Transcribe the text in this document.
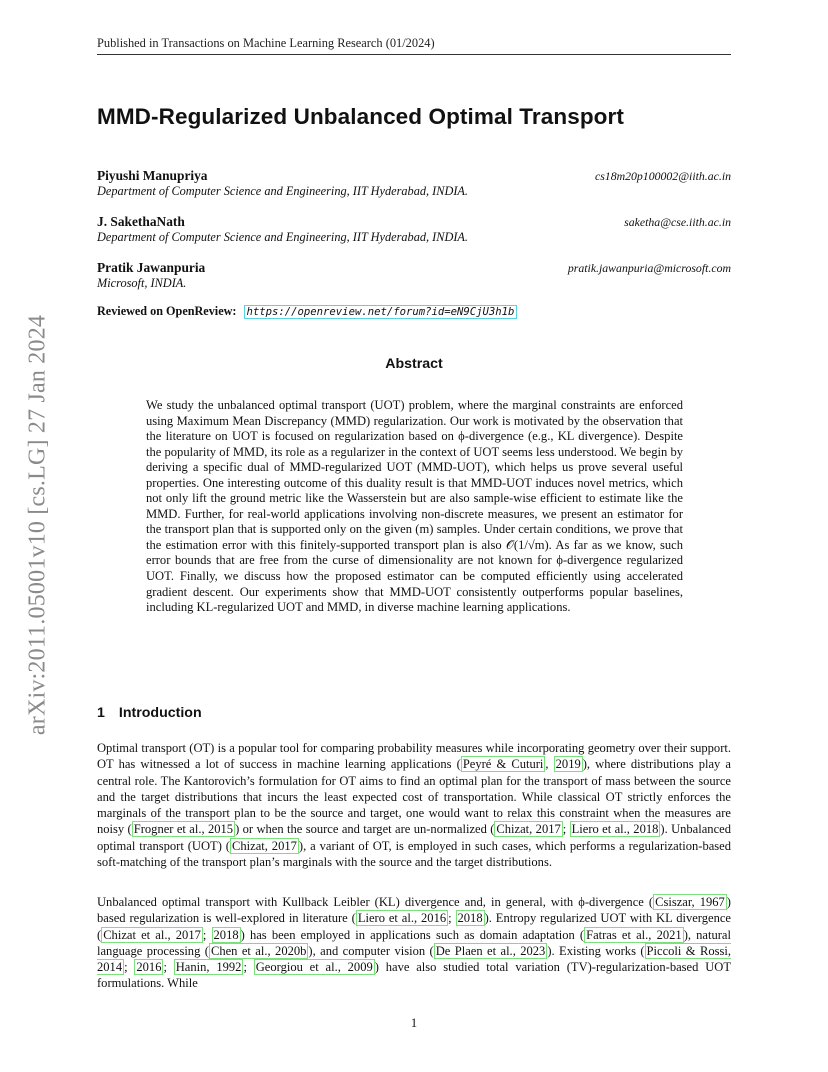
Published in Transactions on Machine Learning Research (01/2024)
arXiv:2011.05001v10 [cs.LG] 27 Jan 2024
MMD-Regularized Unbalanced Optimal Transport
Piyushi Manupriya	cs18m20p100002@iith.ac.in
Department of Computer Science and Engineering, IIT Hyderabad, INDIA.
J. SakethaNath	saketha@cse.iith.ac.in
Department of Computer Science and Engineering, IIT Hyderabad, INDIA.
Pratik Jawanpuria	pratik.jawanpuria@microsoft.com
Microsoft, INDIA.
Reviewed on OpenReview: https://openreview.net/forum?id=eN9CjU3h1b
Abstract
We study the unbalanced optimal transport (UOT) problem, where the marginal constraints are enforced using Maximum Mean Discrepancy (MMD) regularization. Our work is motivated by the observation that the literature on UOT is focused on regularization based on ϕ-divergence (e.g., KL divergence). Despite the popularity of MMD, its role as a regularizer in the context of UOT seems less understood. We begin by deriving a specific dual of MMD-regularized UOT (MMD-UOT), which helps us prove several useful properties. One interesting outcome of this duality result is that MMD-UOT induces novel metrics, which not only lift the ground metric like the Wasserstein but are also sample-wise efficient to estimate like the MMD. Further, for real-world applications involving non-discrete measures, we present an estimator for the transport plan that is supported only on the given (m) samples. Under certain conditions, we prove that the estimation error with this finitely-supported transport plan is also 𝒪(1/√m). As far as we know, such error bounds that are free from the curse of dimensionality are not known for ϕ-divergence regularized UOT. Finally, we discuss how the proposed estimator can be computed efficiently using accelerated gradient descent. Our experiments show that MMD-UOT consistently outperforms popular baselines, including KL-regularized UOT and MMD, in diverse machine learning applications.
1 Introduction
Optimal transport (OT) is a popular tool for comparing probability measures while incorporating geometry over their support. OT has witnessed a lot of success in machine learning applications ( Peyré & Cuturi , 2019 ), where distributions play a central role. The Kantorovich’s formulation for OT aims to find an optimal plan for the transport of mass between the source and the target distributions that incurs the least expected cost of transportation. While classical OT strictly enforces the marginals of the transport plan to be the source and target, one would want to relax this constraint when the measures are noisy ( Frogner et al., 2015 ) or when the source and target are un-normalized ( Chizat, 2017 ; Liero et al., 2018 ). Unbalanced optimal transport (UOT) ( Chizat, 2017 ), a variant of OT, is employed in such cases, which performs a regularization-based soft-matching of the transport plan’s marginals with the source and the target distributions.
Unbalanced optimal transport with Kullback Leibler (KL) divergence and, in general, with ϕ-divergence ( Csiszar, 1967 ) based regularization is well-explored in literature ( Liero et al., 2016 ; 2018 ). Entropy regularized UOT with KL divergence ( Chizat et al., 2017 ; 2018 ) has been employed in applications such as domain adaptation ( Fatras et al., 2021 ), natural language processing ( Chen et al., 2020b ), and computer vision ( De Plaen et al., 2023 ). Existing works ( Piccoli & Rossi, 2014 ; 2016 ; Hanin, 1992 ; Georgiou et al., 2009 ) have also studied total variation (TV)-regularization-based UOT formulations. While
1
